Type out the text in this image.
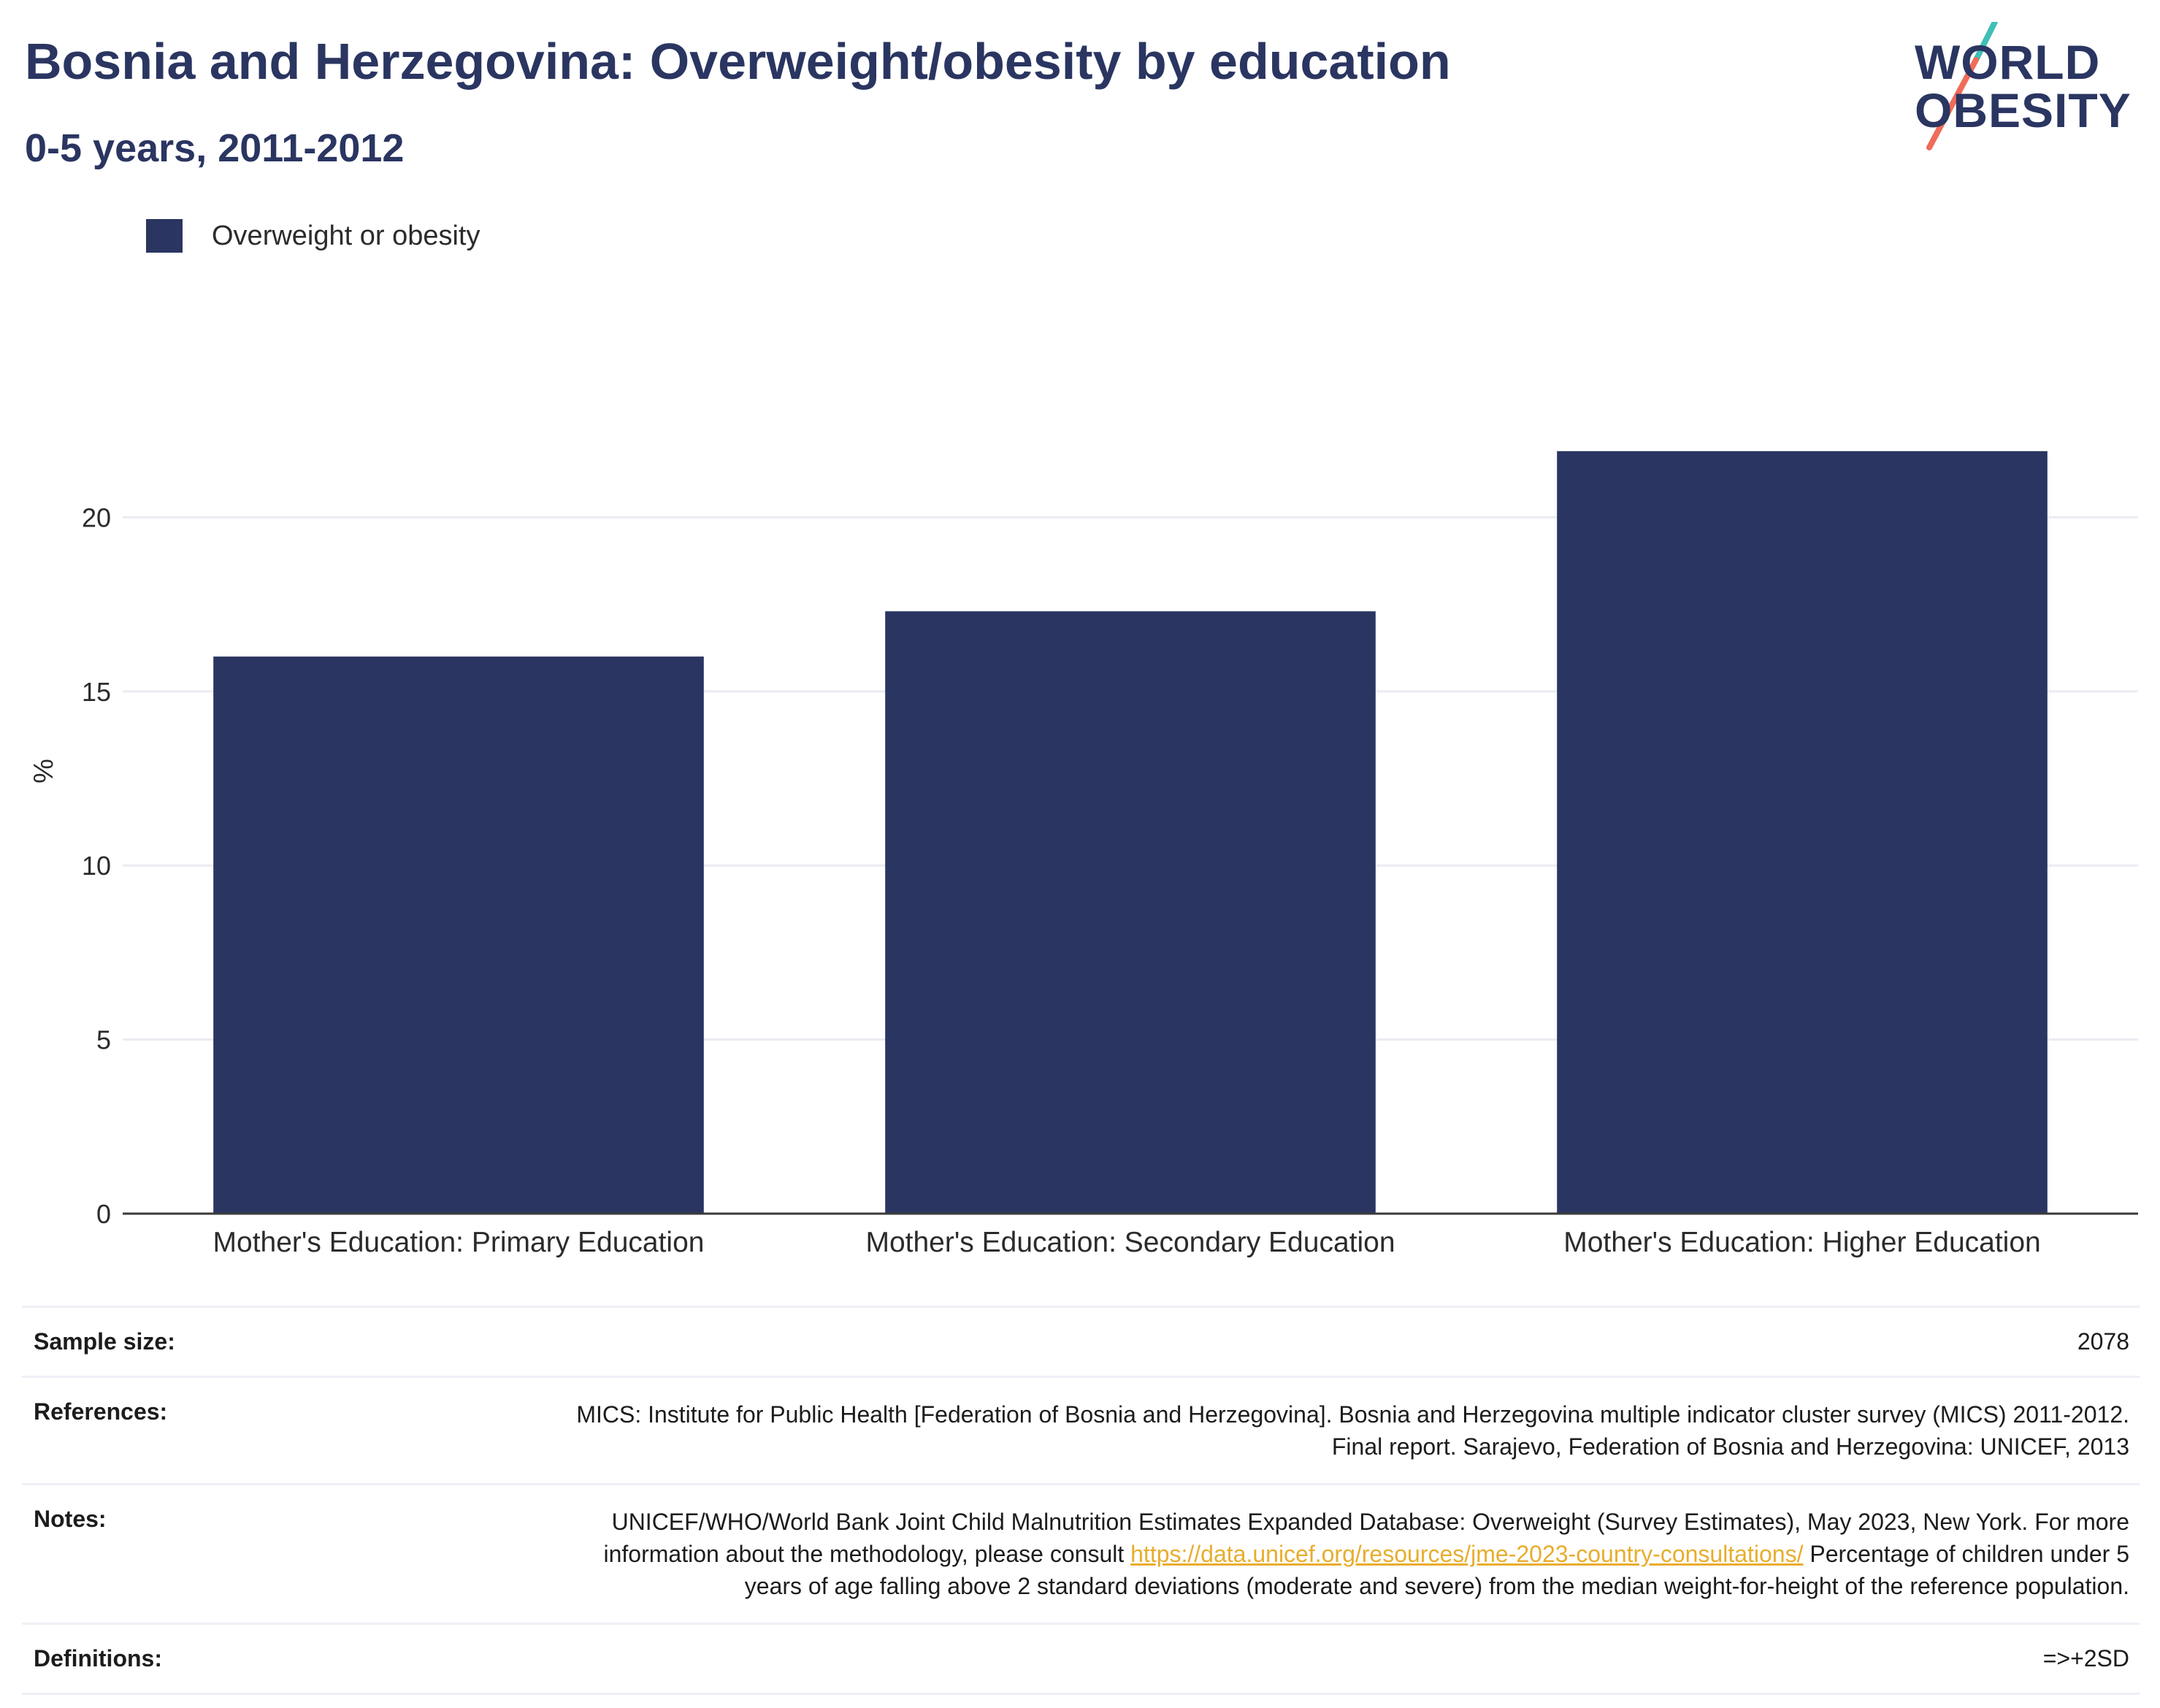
Bosnia and Herzegovina: Overweight/obesity by education
0-5 years, 2011-2012
WORLD
OBESITY
Overweight or obesity
0
5
10
15
20
Mother's Education: Primary Education	Mother's Education: Secondary Education	Mother's Education: Higher Education
%
Sample size:	2078
References:	MICS: Institute for Public Health [Federation of Bosnia and Herzegovina]. Bosnia and Herzegovina multiple indicator cluster survey (MICS) 2011-2012. Final report. Sarajevo, Federation of Bosnia and Herzegovina: UNICEF, 2013
Notes:	UNICEF/WHO/World Bank Joint Child Malnutrition Estimates Expanded Database: Overweight (Survey Estimates), May 2023, New York. For more information about the methodology, please consult https://data.unicef.org/resources/jme-2023-country-consultations/ Percentage of children under 5 years of age falling above 2 standard deviations (moderate and severe) from the median weight-for-height of the reference population.
Definitions:	=>+2SD
